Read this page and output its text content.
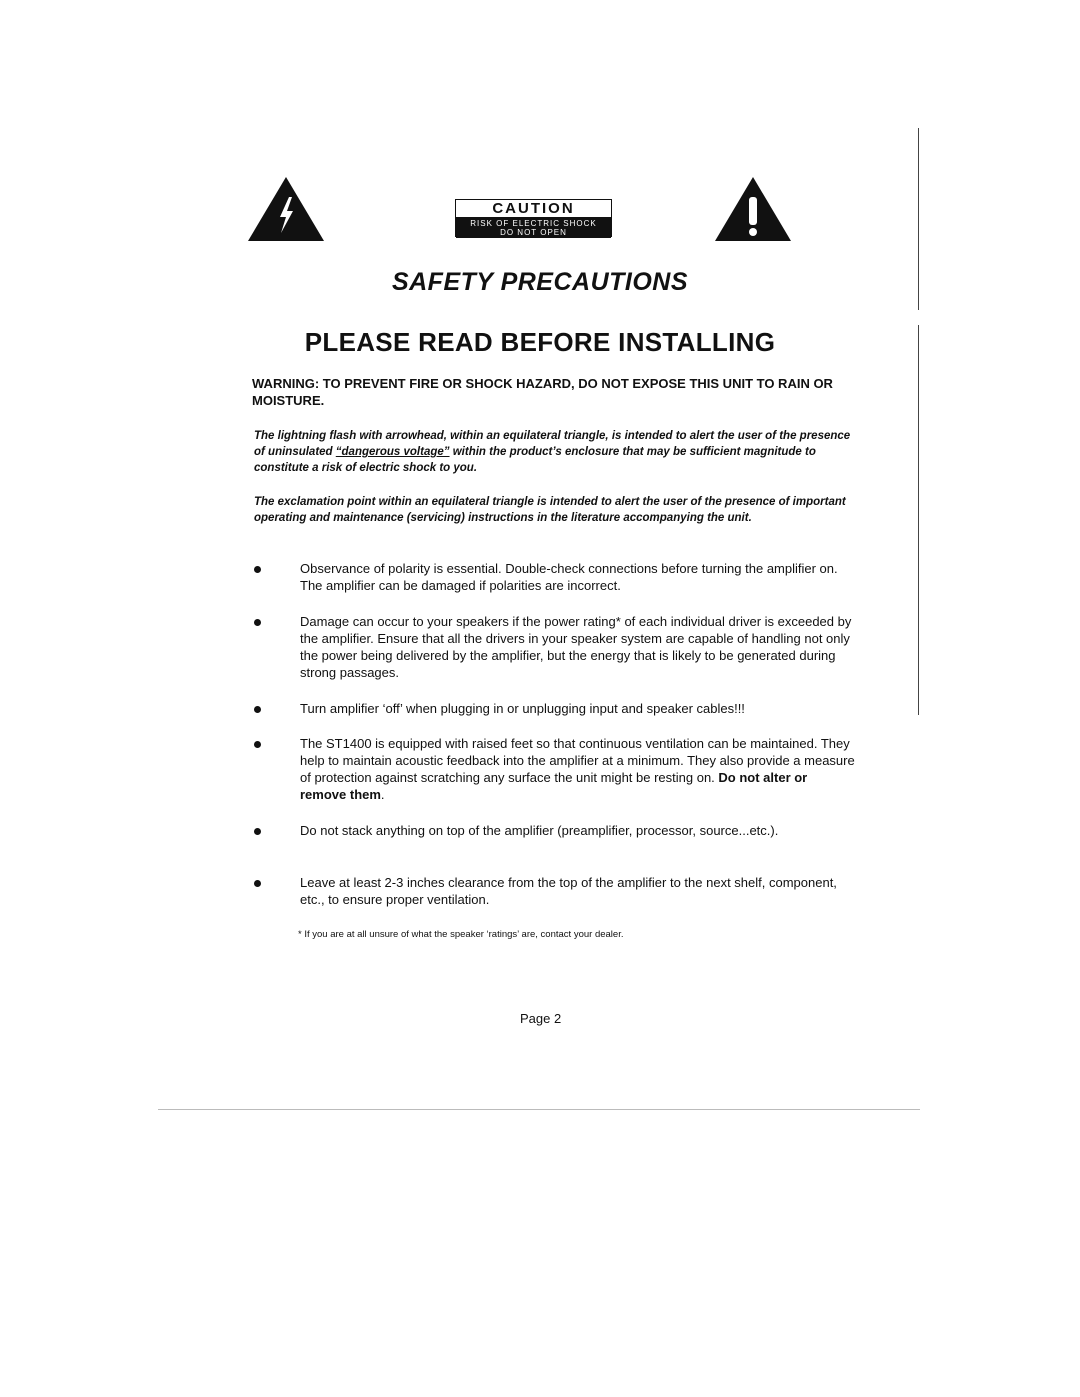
CAUTION
RISK OF ELECTRIC SHOCK
DO NOT OPEN
SAFETY PRECAUTIONS
PLEASE READ BEFORE INSTALLING
WARNING: TO PREVENT FIRE OR SHOCK HAZARD, DO NOT EXPOSE THIS UNIT TO RAIN OR MOISTURE.
The lightning flash with arrowhead, within an equilateral triangle, is intended to alert the user of the presence of uninsulated “dangerous voltage” within the product’s enclosure that may be sufficient magnitude to constitute a risk of electric shock to you.
The exclamation point within an equilateral triangle is intended to alert the user of the presence of important operating and maintenance (servicing) instructions in the literature accompanying the unit.
Observance of polarity is essential. Double-check connections before turning the amplifier on. The amplifier can be damaged if polarities are incorrect.
Damage can occur to your speakers if the power rating* of each individual driver is exceeded by the amplifier. Ensure that all the drivers in your speaker system are capable of handling not only the power being delivered by the amplifier, but the energy that is likely to be generated during strong passages.
Turn amplifier ‘off’ when plugging in or unplugging input and speaker cables!!!
The ST1400 is equipped with raised feet so that continuous ventilation can be maintained. They help to maintain acoustic feedback into the amplifier at a minimum. They also provide a measure of protection against scratching any surface the unit might be resting on. Do not alter or remove them.
Do not stack anything on top of the amplifier (preamplifier, processor, source...etc.).
Leave at least 2-3 inches clearance from the top of the amplifier to the next shelf, component, etc., to ensure proper ventilation.
* If you are at all unsure of what the speaker ‘ratings’ are, contact your dealer.
Page 2
